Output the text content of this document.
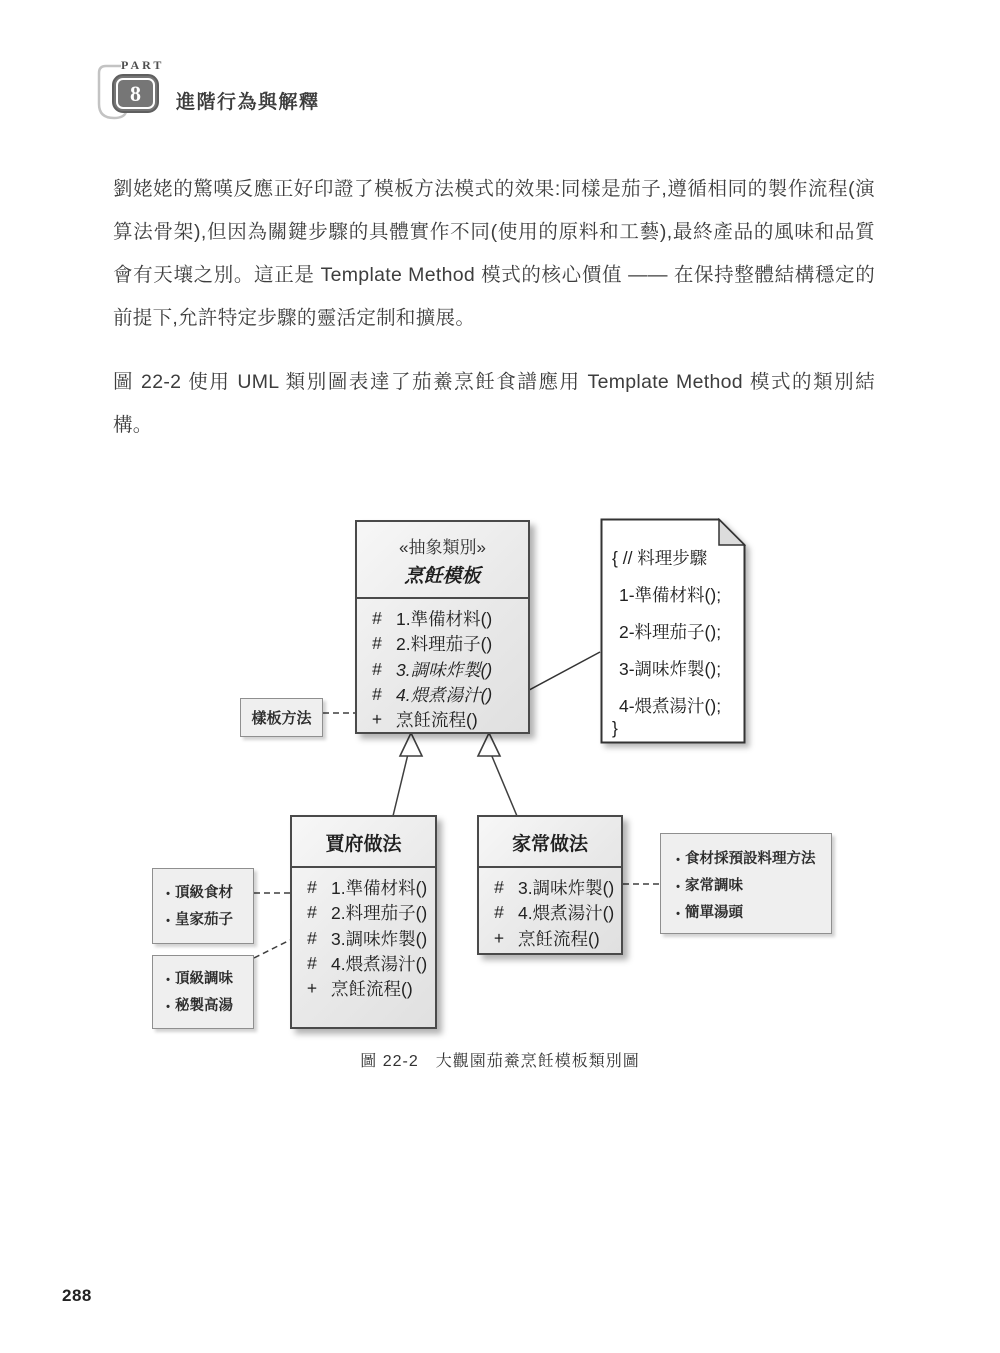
PART
8 進階行為與解釋

劉姥姥的驚嘆反應正好印證了模板方法模式的效果:同樣是茄子,遵循相同的製作流程(演算法骨架),但因為關鍵步驟的具體實作不同(使用的原料和工藝),最終產品的風味和品質會有天壤之別。這正是 Template Method 模式的核心價值 —— 在保持整體結構穩定的前提下,允許特定步驟的靈活定制和擴展。

圖 22-2 使用 UML 類別圖表達了茄鯗烹飪食譜應用 Template Method 模式的類別結構。

«抽象類別»
烹飪模板
# 1.準備材料()
# 2.料理茄子()
# 3.調味炸製()
# 4.煨煮湯汁()
+ 烹飪流程()
{ // 料理步驟
1-準備材料();
2-料理茄子();
3-調味炸製();
4-煨煮湯汁();
}
樣板方法
賈府做法
# 1.準備材料()
# 2.料理茄子()
# 3.調味炸製()
# 4.煨煮湯汁()
+ 烹飪流程()
家常做法
# 3.調味炸製()
# 4.煨煮湯汁()
+ 烹飪流程()
• 頂級食材
• 皇家茄子
• 頂級調味
• 秘製高湯
• 食材採預設料理方法
• 家常調味
• 簡單湯頭
圖 22-2　大觀園茄鯗烹飪模板類別圖
288
